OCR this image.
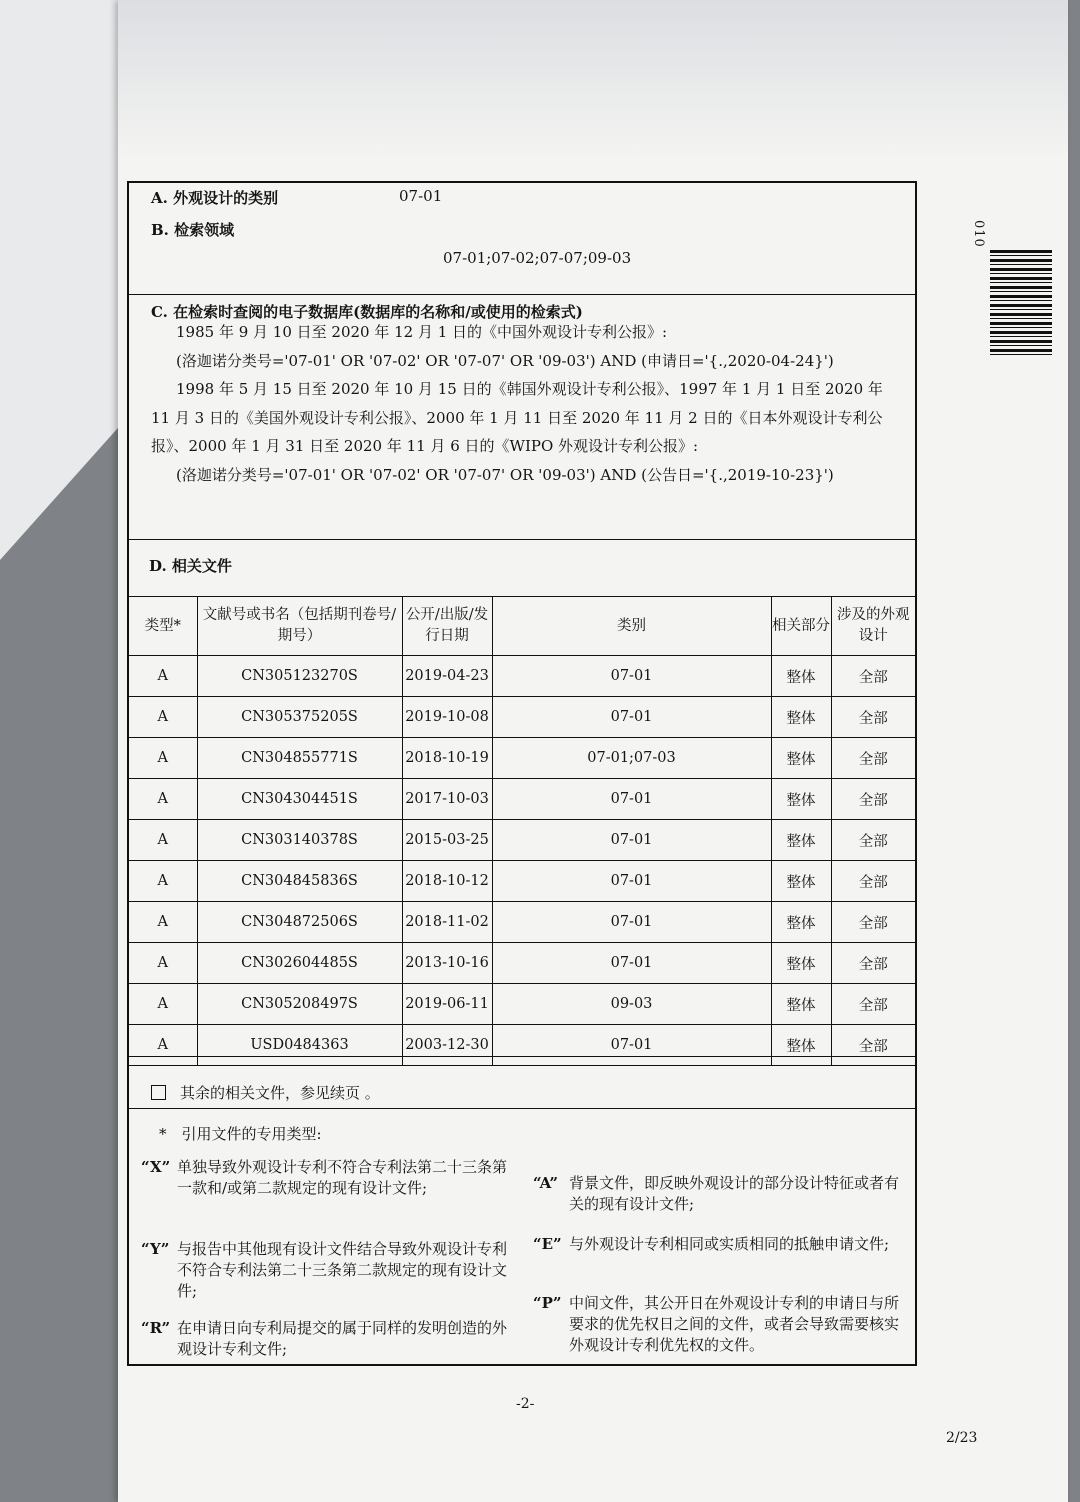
010
A. 外观设计的类别	07-01
B. 检索领域
07-01;07-02;07-07;09-03
C. 在检索时查阅的电子数据库(数据库的名称和/或使用的检索式)
1985 年 9 月 10 日至 2020 年 12 月 1 日的《中国外观设计专利公报》:
(洛迦诺分类号='07-01' OR '07-02' OR '07-07' OR '09-03') AND (申请日='{.,2020-04-24}')
1998 年 5 月 15 日至 2020 年 10 月 15 日的《韩国外观设计专利公报》、1997 年 1 月 1 日至 2020 年 11 月 3 日的《美国外观设计专利公报》、2000 年 1 月 11 日至 2020 年 11 月 2 日的《日本外观设计专利公报》、2000 年 1 月 31 日至 2020 年 11 月 6 日的《WIPO 外观设计专利公报》:
(洛迦诺分类号='07-01' OR '07-02' OR '07-07' OR '09-03') AND (公告日='{.,2019-10-23}')
D. 相关文件
类型*	文献号或书名（包括期刊卷号/期号）	公开/出版/发行日期	类别	相关部分	涉及的外观设计
A	CN305123270S	2019-04-23	07-01	整体	全部
A	CN305375205S	2019-10-08	07-01	整体	全部
A	CN304855771S	2018-10-19	07-01;07-03	整体	全部
A	CN304304451S	2017-10-03	07-01	整体	全部
A	CN303140378S	2015-03-25	07-01	整体	全部
A	CN304845836S	2018-10-12	07-01	整体	全部
A	CN304872506S	2018-11-02	07-01	整体	全部
A	CN302604485S	2013-10-16	07-01	整体	全部
A	CN305208497S	2019-06-11	09-03	整体	全部
A	USD0484363	2003-12-30	07-01	整体	全部
其余的相关文件，参见续页 。
*　引用文件的专用类型:
“X” 单独导致外观设计专利不符合专利法第二十三条第一款和/或第二款规定的现有设计文件;
“Y” 与报告中其他现有设计文件结合导致外观设计专利不符合专利法第二十三条第二款规定的现有设计文件;
“R” 在申请日向专利局提交的属于同样的发明创造的外观设计专利文件;
“A” 背景文件，即反映外观设计的部分设计特征或者有关的现有设计文件;
“E” 与外观设计专利相同或实质相同的抵触申请文件;
“P” 中间文件，其公开日在外观设计专利的申请日与所要求的优先权日之间的文件，或者会导致需要核实外观设计专利优先权的文件。
-2-
2/23
